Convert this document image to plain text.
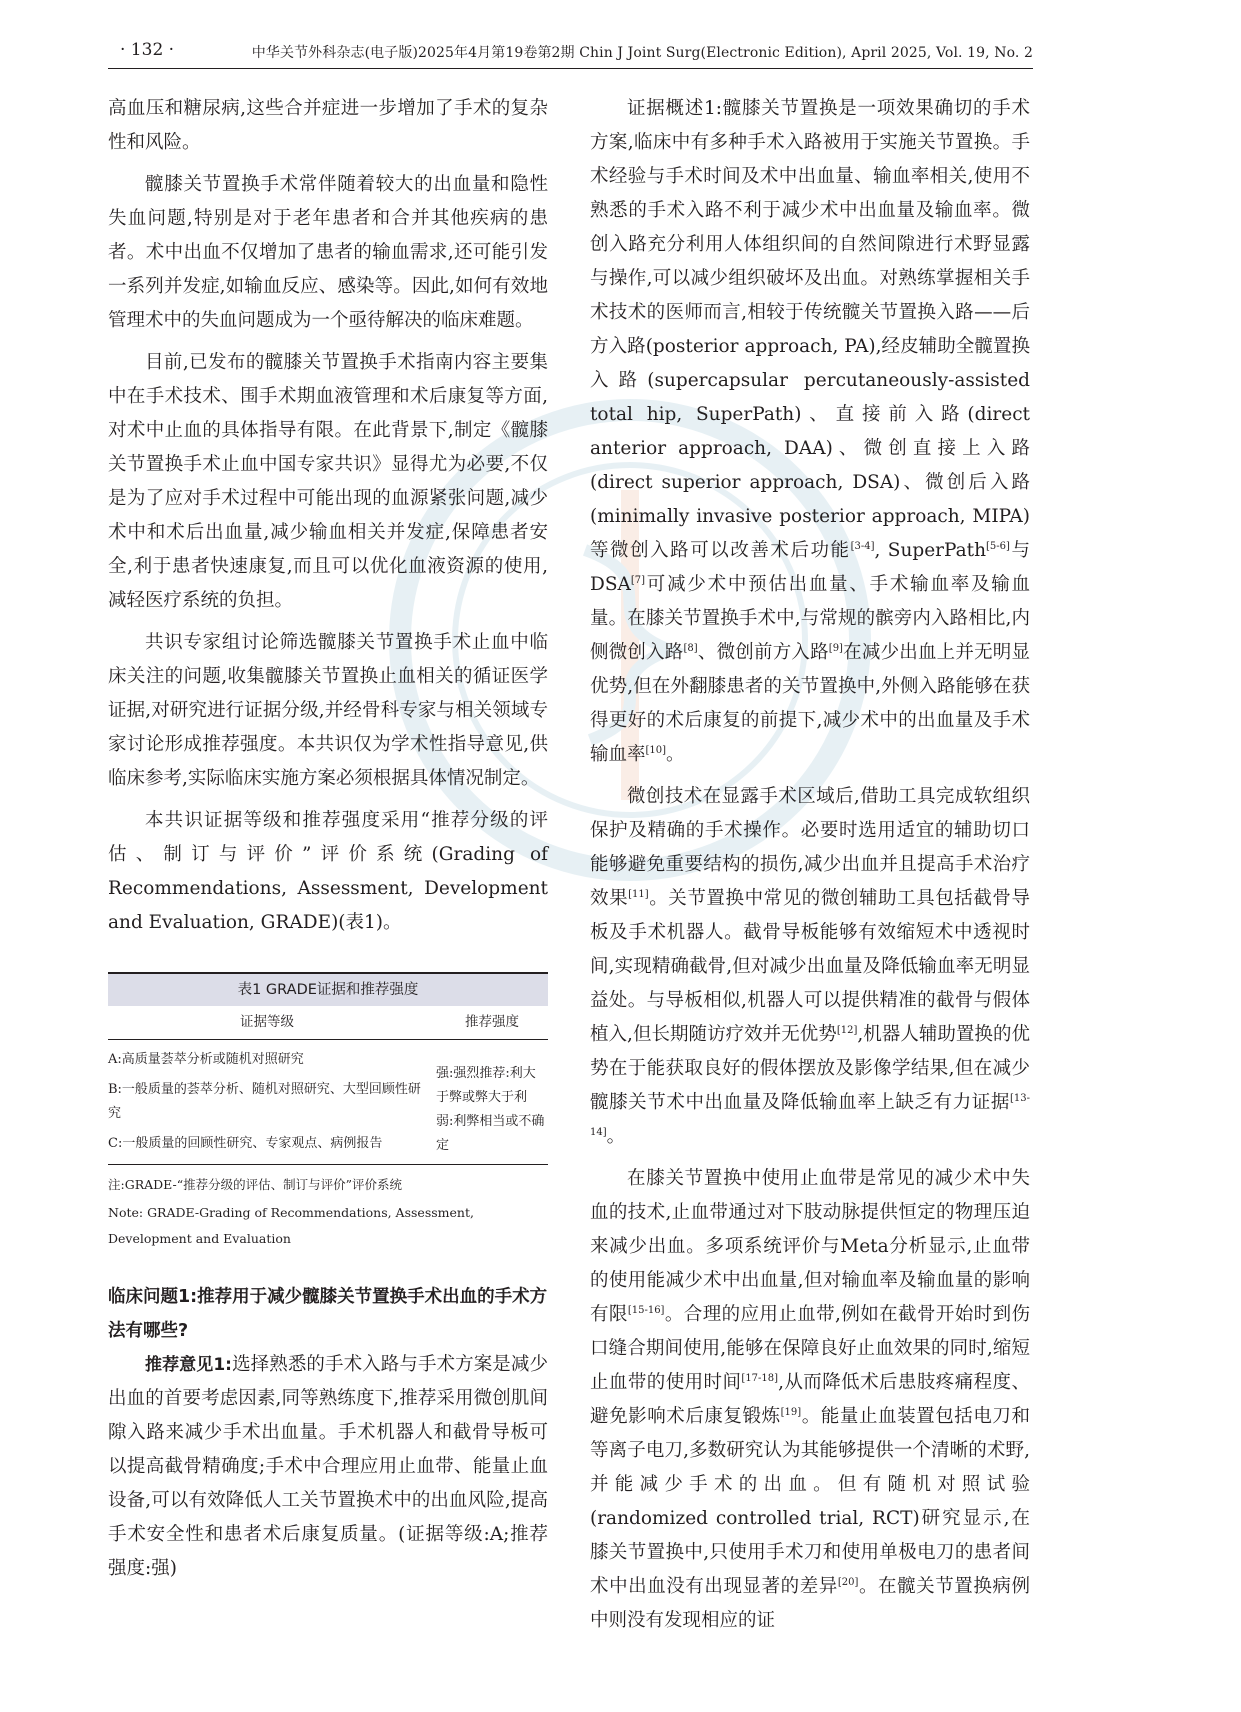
· 132 ·	中华关节外科杂志(电子版)2025年4月第19卷第2期 Chin J Joint Surg(Electronic Edition), April 2025, Vol. 19, No. 2

高血压和糖尿病,这些合并症进一步增加了手术的复杂性和风险。

髋膝关节置换手术常伴随着较大的出血量和隐性失血问题,特别是对于老年患者和合并其他疾病的患者。术中出血不仅增加了患者的输血需求,还可能引发一系列并发症,如输血反应、感染等。因此,如何有效地管理术中的失血问题成为一个亟待解决的临床难题。

目前,已发布的髋膝关节置换手术指南内容主要集中在手术技术、围手术期血液管理和术后康复等方面,对术中止血的具体指导有限。在此背景下,制定《髋膝关节置换手术止血中国专家共识》显得尤为必要,不仅是为了应对手术过程中可能出现的血源紧张问题,减少术中和术后出血量,减少输血相关并发症,保障患者安全,利于患者快速康复,而且可以优化血液资源的使用,减轻医疗系统的负担。

共识专家组讨论筛选髋膝关节置换手术止血中临床关注的问题,收集髋膝关节置换止血相关的循证医学证据,对研究进行证据分级,并经骨科专家与相关领域专家讨论形成推荐强度。本共识仅为学术性指导意见,供临床参考,实际临床实施方案必须根据具体情况制定。

本共识证据等级和推荐强度采用“推荐分级的评估、制订与评价”评价系统(Grading of Recommendations, Assessment, Development and Evaluation, GRADE)(表1)。

表1 GRADE证据和推荐强度
证据等级	推荐强度

A:高质量荟萃分析或随机对照研究
B:一般质量的荟萃分析、随机对照研究、大型回顾性研究
C:一般质量的回顾性研究、专家观点、病例报告	强:强烈推荐:利大于弊或弊大于利 弱:利弊相当或不确定

注:GRADE-“推荐分级的评估、制订与评价”评价系统

Note: GRADE-Grading of Recommendations, Assessment, Development and Evaluation

临床问题1:推荐用于减少髋膝关节置换手术出血的手术方法有哪些?

推荐意见1:选择熟悉的手术入路与手术方案是减少出血的首要考虑因素,同等熟练度下,推荐采用微创肌间隙入路来减少手术出血量。手术机器人和截骨导板可以提高截骨精确度;手术中合理应用止血带、能量止血设备,可以有效降低人工关节置换术中的出血风险,提高手术安全性和患者术后康复质量。(证据等级:A;推荐强度:强)

证据概述1:髋膝关节置换是一项效果确切的手术方案,临床中有多种手术入路被用于实施关节置换。手术经验与手术时间及术中出血量、输血率相关,使用不熟悉的手术入路不利于减少术中出血量及输血率。微创入路充分利用人体组织间的自然间隙进行术野显露与操作,可以减少组织破坏及出血。对熟练掌握相关手术技术的医师而言,相较于传统髋关节置换入路——后方入路(posterior approach, PA),经皮辅助全髋置换入路(supercapsular percutaneously-assisted total hip, SuperPath)、直接前入路(direct anterior approach, DAA)、微创直接上入路(direct superior approach, DSA)、微创后入路(minimally invasive posterior approach, MIPA)等微创入路可以改善术后功能[3-4], SuperPath[5-6]与DSA[7]可减少术中预估出血量、手术输血率及输血量。在膝关节置换手术中,与常规的髌旁内入路相比,内侧微创入路[8]、微创前方入路[9]在减少出血上并无明显优势,但在外翻膝患者的关节置换中,外侧入路能够在获得更好的术后康复的前提下,减少术中的出血量及手术输血率[10]。

微创技术在显露手术区域后,借助工具完成软组织保护及精确的手术操作。必要时选用适宜的辅助切口能够避免重要结构的损伤,减少出血并且提高手术治疗效果[11]。关节置换中常见的微创辅助工具包括截骨导板及手术机器人。截骨导板能够有效缩短术中透视时间,实现精确截骨,但对减少出血量及降低输血率无明显益处。与导板相似,机器人可以提供精准的截骨与假体植入,但长期随访疗效并无优势[12],机器人辅助置换的优势在于能获取良好的假体摆放及影像学结果,但在减少髋膝关节术中出血量及降低输血率上缺乏有力证据[13-14]。

在膝关节置换中使用止血带是常见的减少术中失血的技术,止血带通过对下肢动脉提供恒定的物理压迫来减少出血。多项系统评价与Meta分析显示,止血带的使用能减少术中出血量,但对输血率及输血量的影响有限[15-16]。合理的应用止血带,例如在截骨开始时到伤口缝合期间使用,能够在保障良好止血效果的同时,缩短止血带的使用时间[17-18],从而降低术后患肢疼痛程度、避免影响术后康复锻炼[19]。能量止血装置包括电刀和等离子电刀,多数研究认为其能够提供一个清晰的术野,并能减少手术的出血。但有随机对照试验(randomized controlled trial, RCT)研究显示,在膝关节置换中,只使用手术刀和使用单极电刀的患者间术中出血没有出现显著的差异[20]。在髋关节置换病例中则没有发现相应的证
